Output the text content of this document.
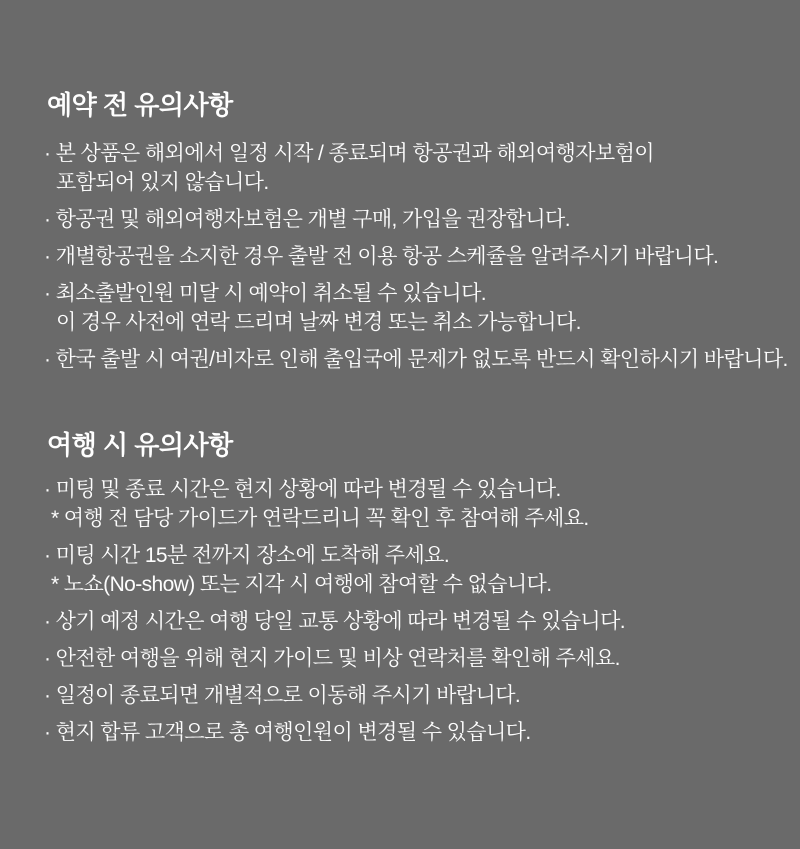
예약 전 유의사항
· 본 상품은 해외에서 일정 시작 / 종료되며 항공권과 해외여행자보험이
포함되어 있지 않습니다.
· 항공권 및 해외여행자보험은 개별 구매, 가입을 권장합니다.
· 개별항공권을 소지한 경우 출발 전 이용 항공 스케쥴을 알려주시기 바랍니다.
· 최소출발인원 미달 시 예약이 취소될 수 있습니다.
이 경우 사전에 연락 드리며 날짜 변경 또는 취소 가능합니다.
· 한국 출발 시 여권/비자로 인해 출입국에 문제가 없도록 반드시 확인하시기 바랍니다.
여행 시 유의사항
· 미팅 및 종료 시간은 현지 상황에 따라 변경될 수 있습니다.
* 여행 전 담당 가이드가 연락드리니 꼭 확인 후 참여해 주세요.
· 미팅 시간 15분 전까지 장소에 도착해 주세요.
* 노쇼(No-show) 또는 지각 시 여행에 참여할 수 없습니다.
· 상기 예정 시간은 여행 당일 교통 상황에 따라 변경될 수 있습니다.
· 안전한 여행을 위해 현지 가이드 및 비상 연락처를 확인해 주세요.
· 일정이 종료되면 개별적으로 이동해 주시기 바랍니다.
· 현지 합류 고객으로 총 여행인원이 변경될 수 있습니다.
